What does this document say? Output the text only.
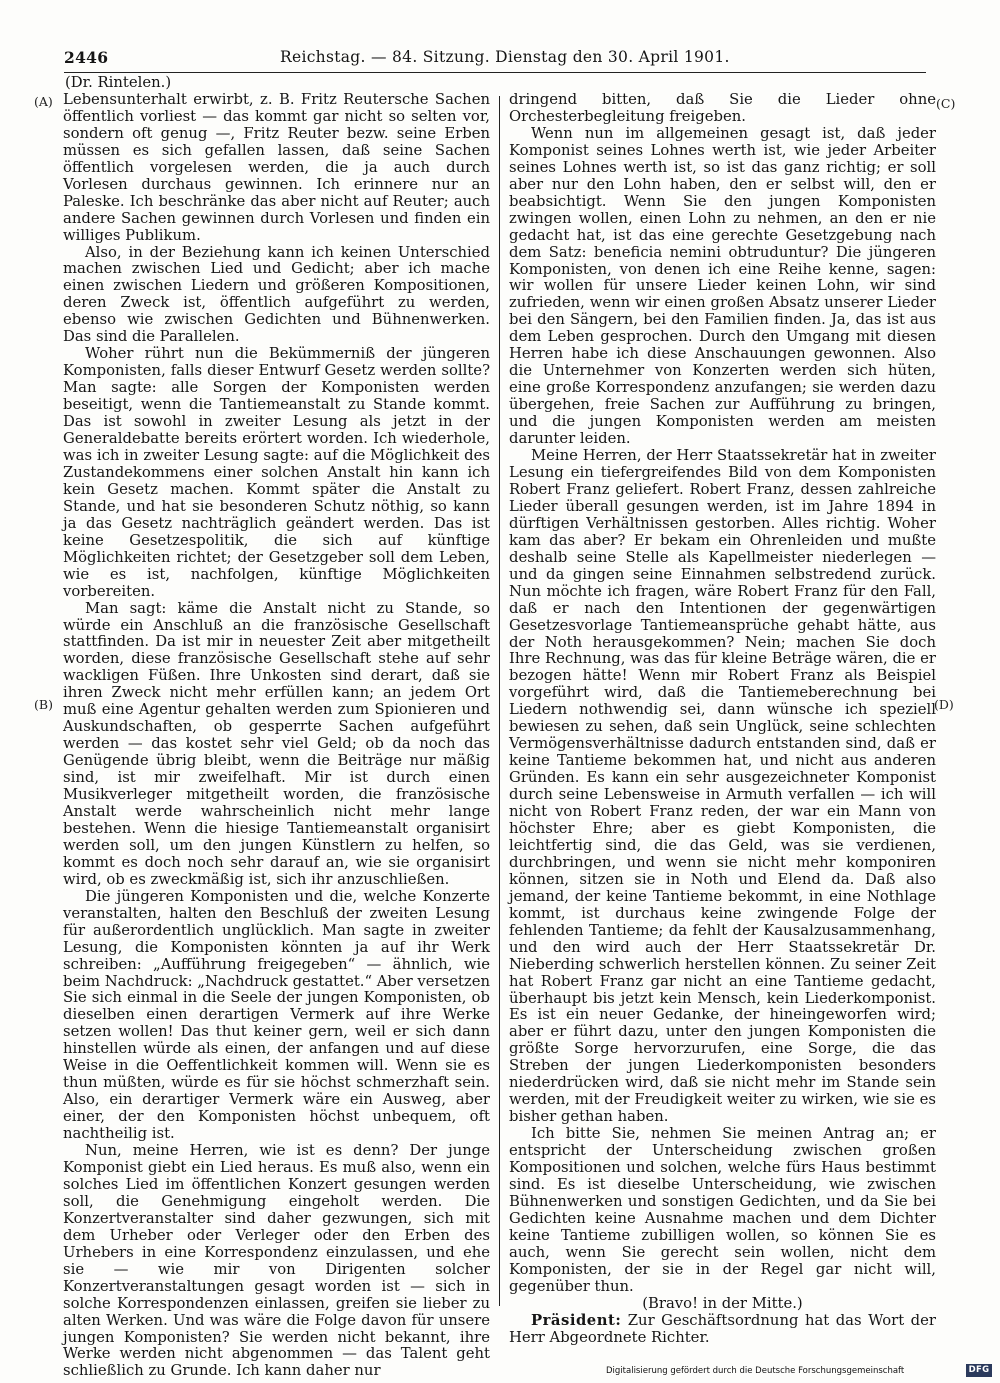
2446	Reichstag. — 84. Sitzung. Dienstag den 30. April 1901.
(A)
(B)
(C)
(D)

(Dr. Rintelen.)

Lebensunterhalt erwirbt, z. B. Fritz Reutersche Sachen öffentlich vorliest — das kommt gar nicht so selten vor, sondern oft genug —, Fritz Reuter bezw. seine Erben müssen es sich gefallen lassen, daß seine Sachen öffentlich vorgelesen werden, die ja auch durch Vorlesen durchaus gewinnen. Ich erinnere nur an Paleske. Ich beschränke das aber nicht auf Reuter; auch andere Sachen gewinnen durch Vorlesen und finden ein williges Publikum.

Also, in der Beziehung kann ich keinen Unterschied machen zwischen Lied und Gedicht; aber ich mache einen zwischen Liedern und größeren Kompositionen, deren Zweck ist, öffentlich aufgeführt zu werden, ebenso wie zwischen Gedichten und Bühnenwerken. Das sind die Parallelen.

Woher rührt nun die Bekümmerniß der jüngeren Komponisten, falls dieser Entwurf Gesetz werden sollte? Man sagte: alle Sorgen der Komponisten werden beseitigt, wenn die Tantiemeanstalt zu Stande kommt. Das ist sowohl in zweiter Lesung als jetzt in der Generaldebatte bereits erörtert worden. Ich wiederhole, was ich in zweiter Lesung sagte: auf die Möglichkeit des Zustandekommens einer solchen Anstalt hin kann ich kein Gesetz machen. Kommt später die Anstalt zu Stande, und hat sie besonderen Schutz nöthig, so kann ja das Gesetz nachträglich geändert werden. Das ist keine Gesetzespolitik, die sich auf künftige Möglichkeiten richtet; der Gesetzgeber soll dem Leben, wie es ist, nachfolgen, künftige Möglichkeiten vorbereiten.

Man sagt: käme die Anstalt nicht zu Stande, so würde ein Anschluß an die französische Gesellschaft stattfinden. Da ist mir in neuester Zeit aber mitgetheilt worden, diese französische Gesellschaft stehe auf sehr wackligen Füßen. Ihre Unkosten sind derart, daß sie ihren Zweck nicht mehr erfüllen kann; an jedem Ort muß eine Agentur gehalten werden zum Spionieren und Auskundschaften, ob gesperrte Sachen aufgeführt werden — das kostet sehr viel Geld; ob da noch das Genügende übrig bleibt, wenn die Beiträge nur mäßig sind, ist mir zweifelhaft. Mir ist durch einen Musikverleger mitgetheilt worden, die französische Anstalt werde wahrscheinlich nicht mehr lange bestehen. Wenn die hiesige Tantiemeanstalt organisirt werden soll, um den jungen Künstlern zu helfen, so kommt es doch noch sehr darauf an, wie sie organisirt wird, ob es zweckmäßig ist, sich ihr anzuschließen.

Die jüngeren Komponisten und die, welche Konzerte veranstalten, halten den Beschluß der zweiten Lesung für außerordentlich unglücklich. Man sagte in zweiter Lesung, die Komponisten könnten ja auf ihr Werk schreiben: „Aufführung freigegeben“ — ähnlich, wie beim Nachdruck: „Nachdruck gestattet.“ Aber versetzen Sie sich einmal in die Seele der jungen Komponisten, ob dieselben einen derartigen Vermerk auf ihre Werke setzen wollen! Das thut keiner gern, weil er sich dann hinstellen würde als einen, der anfangen und auf diese Weise in die Oeffentlichkeit kommen will. Wenn sie es thun müßten, würde es für sie höchst schmerzhaft sein. Also, ein derartiger Vermerk wäre ein Ausweg, aber einer, der den Komponisten höchst unbequem, oft nachtheilig ist.

Nun, meine Herren, wie ist es denn? Der junge Komponist giebt ein Lied heraus. Es muß also, wenn ein solches Lied im öffentlichen Konzert gesungen werden soll, die Genehmigung eingeholt werden. Die Konzertveranstalter sind daher gezwungen, sich mit dem Urheber oder Verleger oder den Erben des Urhebers in eine Korrespondenz einzulassen, und ehe sie — wie mir von Dirigenten solcher Konzertveranstaltungen gesagt worden ist — sich in solche Korrespondenzen einlassen, greifen sie lieber zu alten Werken. Und was wäre die Folge davon für unsere jungen Komponisten? Sie werden nicht bekannt, ihre Werke werden nicht abgenommen — das Talent geht schließlich zu Grunde. Ich kann daher nur

dringend bitten, daß Sie die Lieder ohne Orchesterbegleitung freigeben.

Wenn nun im allgemeinen gesagt ist, daß jeder Komponist seines Lohnes werth ist, wie jeder Arbeiter seines Lohnes werth ist, so ist das ganz richtig; er soll aber nur den Lohn haben, den er selbst will, den er beabsichtigt. Wenn Sie den jungen Komponisten zwingen wollen, einen Lohn zu nehmen, an den er nie gedacht hat, ist das eine gerechte Gesetzgebung nach dem Satz: beneficia nemini obtruduntur? Die jüngeren Komponisten, von denen ich eine Reihe kenne, sagen: wir wollen für unsere Lieder keinen Lohn, wir sind zufrieden, wenn wir einen großen Absatz unserer Lieder bei den Sängern, bei den Familien finden. Ja, das ist aus dem Leben gesprochen. Durch den Umgang mit diesen Herren habe ich diese Anschauungen gewonnen. Also die Unternehmer von Konzerten werden sich hüten, eine große Korrespondenz anzufangen; sie werden dazu übergehen, freie Sachen zur Aufführung zu bringen, und die jungen Komponisten werden am meisten darunter leiden.

Meine Herren, der Herr Staatssekretär hat in zweiter Lesung ein tiefergreifendes Bild von dem Komponisten Robert Franz geliefert. Robert Franz, dessen zahlreiche Lieder überall gesungen werden, ist im Jahre 1894 in dürftigen Verhältnissen gestorben. Alles richtig. Woher kam das aber? Er bekam ein Ohrenleiden und mußte deshalb seine Stelle als Kapellmeister niederlegen — und da gingen seine Einnahmen selbstredend zurück. Nun möchte ich fragen, wäre Robert Franz für den Fall, daß er nach den Intentionen der gegenwärtigen Gesetzesvorlage Tantiemeansprüche gehabt hätte, aus der Noth herausgekommen? Nein; machen Sie doch Ihre Rechnung, was das für kleine Beträge wären, die er bezogen hätte! Wenn mir Robert Franz als Beispiel vorgeführt wird, daß die Tantiemeberechnung bei Liedern nothwendig sei, dann wünsche ich speziell bewiesen zu sehen, daß sein Unglück, seine schlechten Vermögensverhältnisse dadurch entstanden sind, daß er keine Tantieme bekommen hat, und nicht aus anderen Gründen. Es kann ein sehr ausgezeichneter Komponist durch seine Lebensweise in Armuth verfallen — ich will nicht von Robert Franz reden, der war ein Mann von höchster Ehre; aber es giebt Komponisten, die leichtfertig sind, die das Geld, was sie verdienen, durchbringen, und wenn sie nicht mehr komponiren können, sitzen sie in Noth und Elend da. Daß also jemand, der keine Tantieme bekommt, in eine Nothlage kommt, ist durchaus keine zwingende Folge der fehlenden Tantieme; da fehlt der Kausalzusammenhang, und den wird auch der Herr Staatssekretär Dr. Nieberding schwerlich herstellen können. Zu seiner Zeit hat Robert Franz gar nicht an eine Tantieme gedacht, überhaupt bis jetzt kein Mensch, kein Liederkomponist. Es ist ein neuer Gedanke, der hineingeworfen wird; aber er führt dazu, unter den jungen Komponisten die größte Sorge hervorzurufen, eine Sorge, die das Streben der jungen Liederkomponisten besonders niederdrücken wird, daß sie nicht mehr im Stande sein werden, mit der Freudigkeit weiter zu wirken, wie sie es bisher gethan haben.

Ich bitte Sie, nehmen Sie meinen Antrag an; er entspricht der Unterscheidung zwischen großen Kompositionen und solchen, welche fürs Haus bestimmt sind. Es ist dieselbe Unterscheidung, wie zwischen Bühnenwerken und sonstigen Gedichten, und da Sie bei Gedichten keine Ausnahme machen und dem Dichter keine Tantieme zubilligen wollen, so können Sie es auch, wenn Sie gerecht sein wollen, nicht dem Komponisten, der sie in der Regel gar nicht will, gegenüber thun.

(Bravo! in der Mitte.)

Präsident: Zur Geschäftsordnung hat das Wort der Herr Abgeordnete Richter.

Digitalisierung gefördert durch die Deutsche Forschungsgemeinschaft	DFG
